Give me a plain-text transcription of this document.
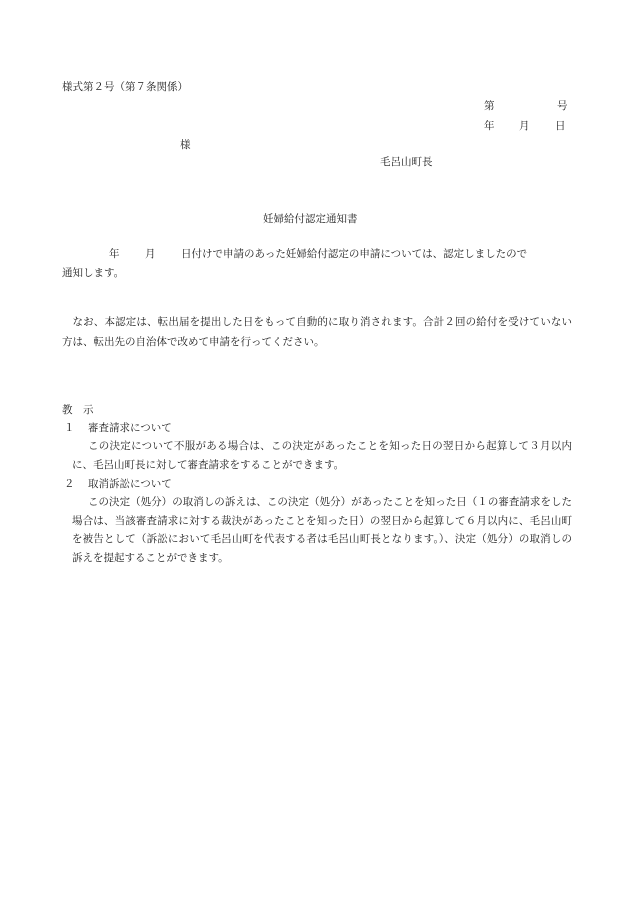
様式第２号（第７条関係）
第	号
年 月 日
様
毛呂山町長
妊婦給付認定通知書
年 月 日付けで申請のあった妊婦給付認定の申請については、認定しましたので
通知します。
なお、本認定は、転出届を提出した日をもって自動的に取り消されます。合計２回の給付を受けていない方は、転出先の自治体で改めて申請を行ってください。
教　示
１ 審査請求について
この決定について不服がある場合は、この決定があったことを知った日の翌日から起算して３月以内に、毛呂山町長に対して審査請求をすることができます。
２ 取消訴訟について
この決定（処分）の取消しの訴えは、この決定（処分）があったことを知った日（１の審査請求をした場合は、当該審査請求に対する裁決があったことを知った日）の翌日から起算して６月以内に、毛呂山町を被告として（訴訟において毛呂山町を代表する者は毛呂山町長となります。）、決定（処分）の取消しの訴えを提起することができます。
